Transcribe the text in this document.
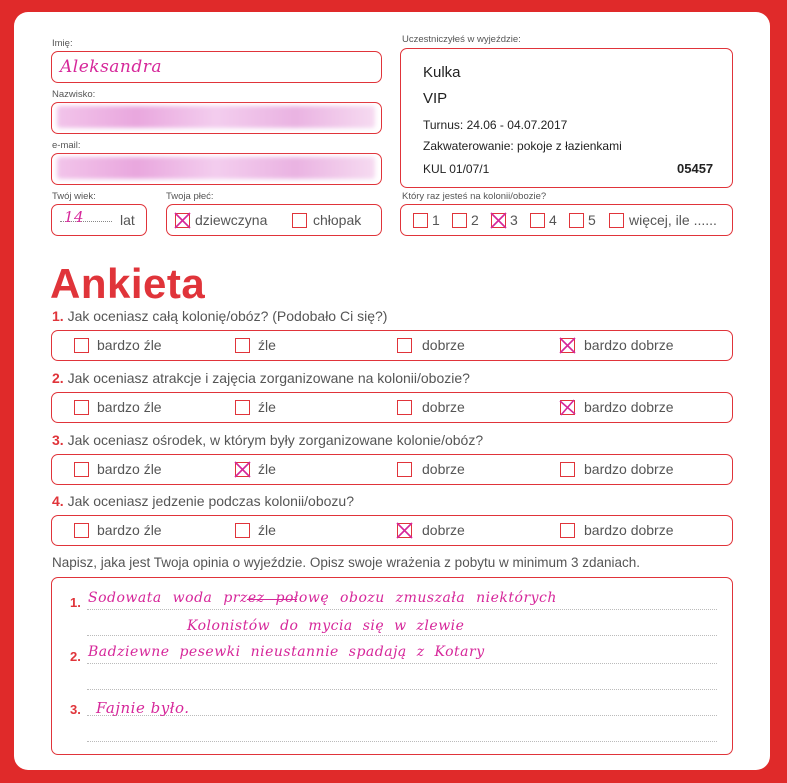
Imię:
Aleksandra
Nazwisko:
e-mail:
Twój wiek:
14	lat
Twoja płeć:
dziewczyna	chłopak
Uczestniczyłeś w wyjeździe:
Kulka
VIP
Turnus: 24.06 - 04.07.2017
Zakwaterowanie: pokoje z łazienkami
KUL 01/07/1	05457
Który raz jesteś na kolonii/obozie?
1 2 3 4 5 więcej, ile ......
Ankieta
1. Jak oceniasz całą kolonię/obóz? (Podobało Ci się?)
bardzo źle	źle	dobrze	bardzo dobrze
2. Jak oceniasz atrakcje i zajęcia zorganizowane na kolonii/obozie?
bardzo źle	źle	dobrze	bardzo dobrze
3. Jak oceniasz ośrodek, w którym były zorganizowane kolonie/obóz?
bardzo źle	źle	dobrze	bardzo dobrze
4. Jak oceniasz jedzenie podczas kolonii/obozu?
bardzo źle	źle	dobrze	bardzo dobrze
Napisz, jaka jest Twoja opinia o wyjeździe. Opisz swoje wrażenia z pobytu w minimum 3 zdaniach.
1.
2.
3.
Sodowata woda przez połowę obozu zmuszała niektórych
Kolonistów do mycia się w zlewie
Badziewne pesewki nieustannie spadają z Kotary
Fajnie było.
